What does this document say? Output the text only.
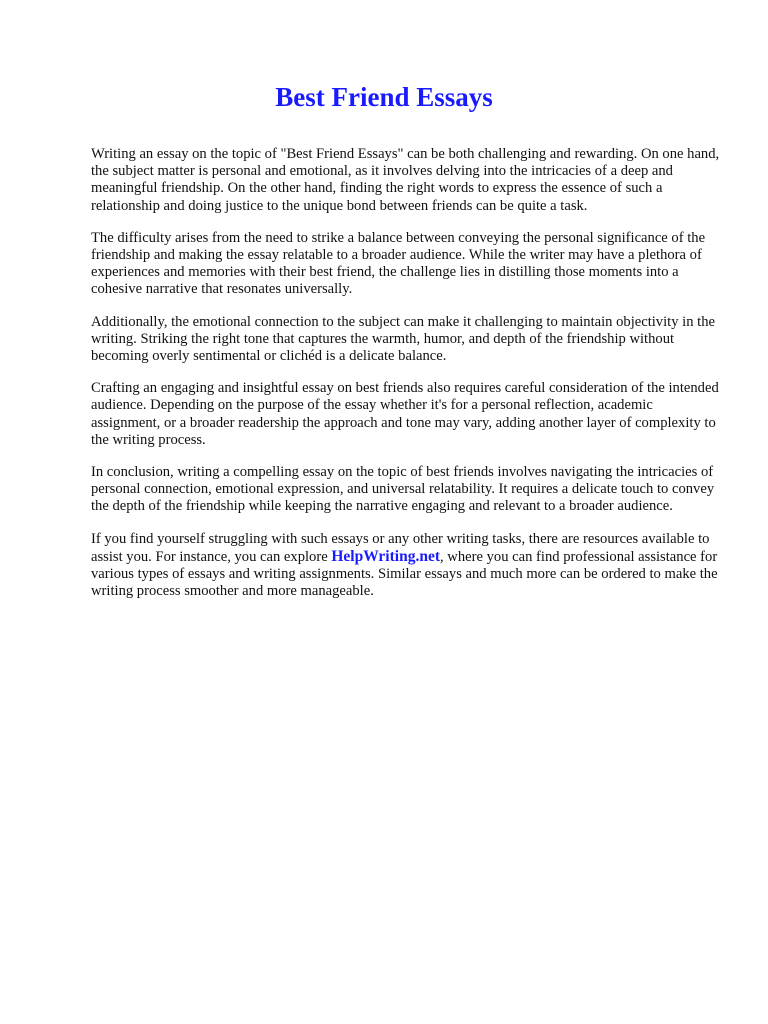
Best Friend Essays

Writing an essay on the topic of "Best Friend Essays" can be both challenging and rewarding. On one hand, the subject matter is personal and emotional, as it involves delving into the intricacies of a deep and meaningful friendship. On the other hand, finding the right words to express the essence of such a relationship and doing justice to the unique bond between friends can be quite a task.

The difficulty arises from the need to strike a balance between conveying the personal significance of the friendship and making the essay relatable to a broader audience. While the writer may have a plethora of experiences and memories with their best friend, the challenge lies in distilling those moments into a cohesive narrative that resonates universally.

Additionally, the emotional connection to the subject can make it challenging to maintain objectivity in the writing. Striking the right tone that captures the warmth, humor, and depth of the friendship without becoming overly sentimental or clichéd is a delicate balance.

Crafting an engaging and insightful essay on best friends also requires careful consideration of the intended audience. Depending on the purpose of the essay whether it's for a personal reflection, academic assignment, or a broader readership the approach and tone may vary, adding another layer of complexity to the writing process.

In conclusion, writing a compelling essay on the topic of best friends involves navigating the intricacies of personal connection, emotional expression, and universal relatability. It requires a delicate touch to convey the depth of the friendship while keeping the narrative engaging and relevant to a broader audience.

If you find yourself struggling with such essays or any other writing tasks, there are resources available to assist you. For instance, you can explore HelpWriting.net, where you can find professional assistance for various types of essays and writing assignments. Similar essays and much more can be ordered to make the writing process smoother and more manageable.
